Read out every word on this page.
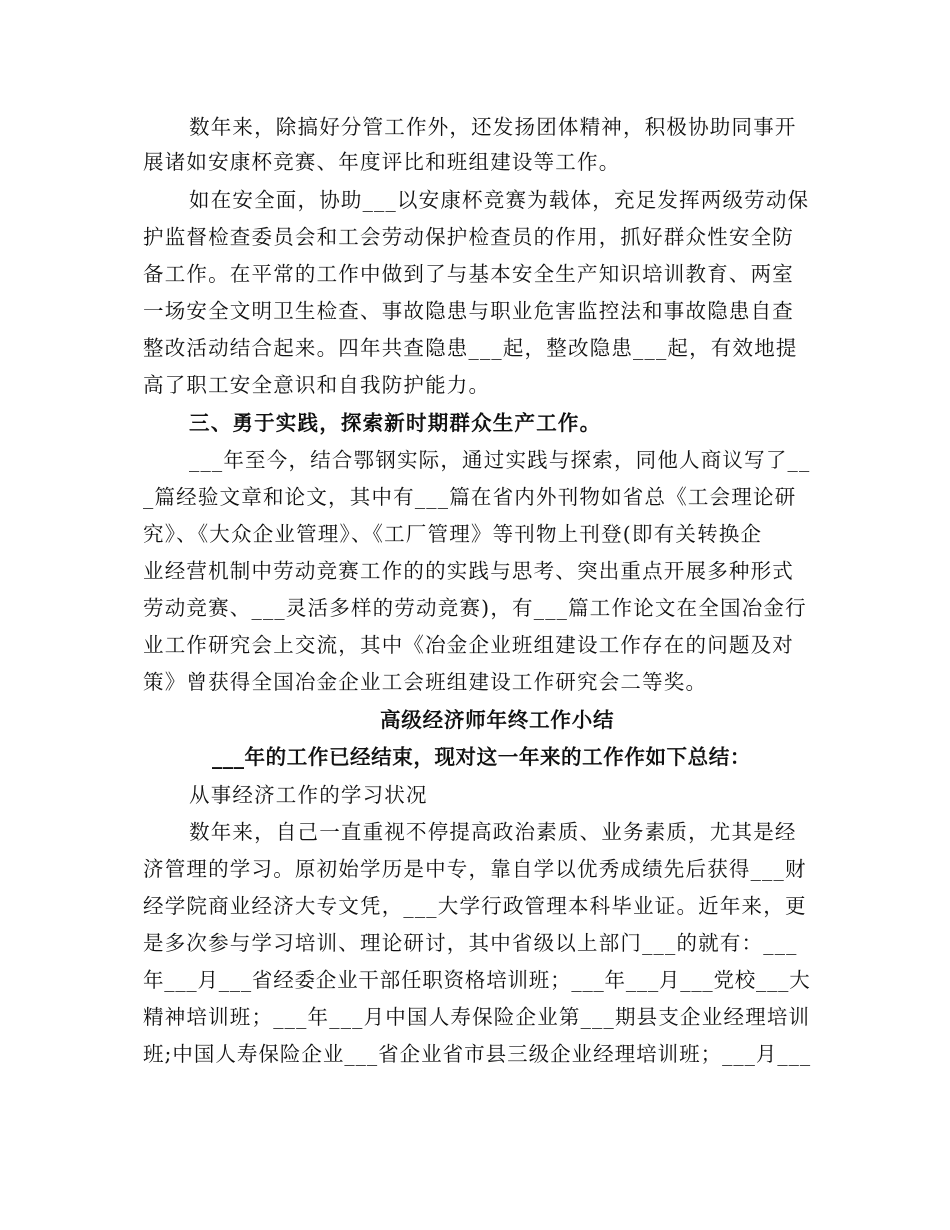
数年来，除搞好分管工作外，还发扬团体精神，积极协助同事开
展诸如安康杯竞赛、年度评比和班组建设等工作。
如在安全面，协助___以安康杯竞赛为载体，充足发挥两级劳动保
护监督检查委员会和工会劳动保护检查员的作用，抓好群众性安全防
备工作。在平常的工作中做到了与基本安全生产知识培训教育、两室
一场安全文明卫生检查、事故隐患与职业危害监控法和事故隐患自查
整改活动结合起来。四年共查隐患___起，整改隐患___起，有效地提
高了职工安全意识和自我防护能力。
三、勇于实践，探索新时期群众生产工作。
___年至今，结合鄂钢实际，通过实践与探索，同他人商议写了__
_篇经验文章和论文，其中有___篇在省内外刊物如省总《工会理论研
究》、《大众企业管理》、《工厂管理》等刊物上刊登(即有关转换企
业经营机制中劳动竞赛工作的的实践与思考、突出重点开展多种形式
劳动竞赛、___灵活多样的劳动竞赛)，有___篇工作论文在全国冶金行
业工作研究会上交流，其中《冶金企业班组建设工作存在的问题及对
策》曾获得全国冶金企业工会班组建设工作研究会二等奖。
高级经济师年终工作小结
___年的工作已经结束，现对这一年来的工作作如下总结：
从事经济工作的学习状况
数年来，自己一直重视不停提高政治素质、业务素质，尤其是经
济管理的学习。原初始学历是中专，靠自学以优秀成绩先后获得___财
经学院商业经济大专文凭，___大学行政管理本科毕业证。近年来，更
是多次参与学习培训、理论研讨，其中省级以上部门___的就有：___
年___月___省经委企业干部任职资格培训班；___年___月___党校___大
精神培训班；___年___月中国人寿保险企业第___期县支企业经理培训
班;中国人寿保险企业___省企业省市县三级企业经理培训班；___月___
